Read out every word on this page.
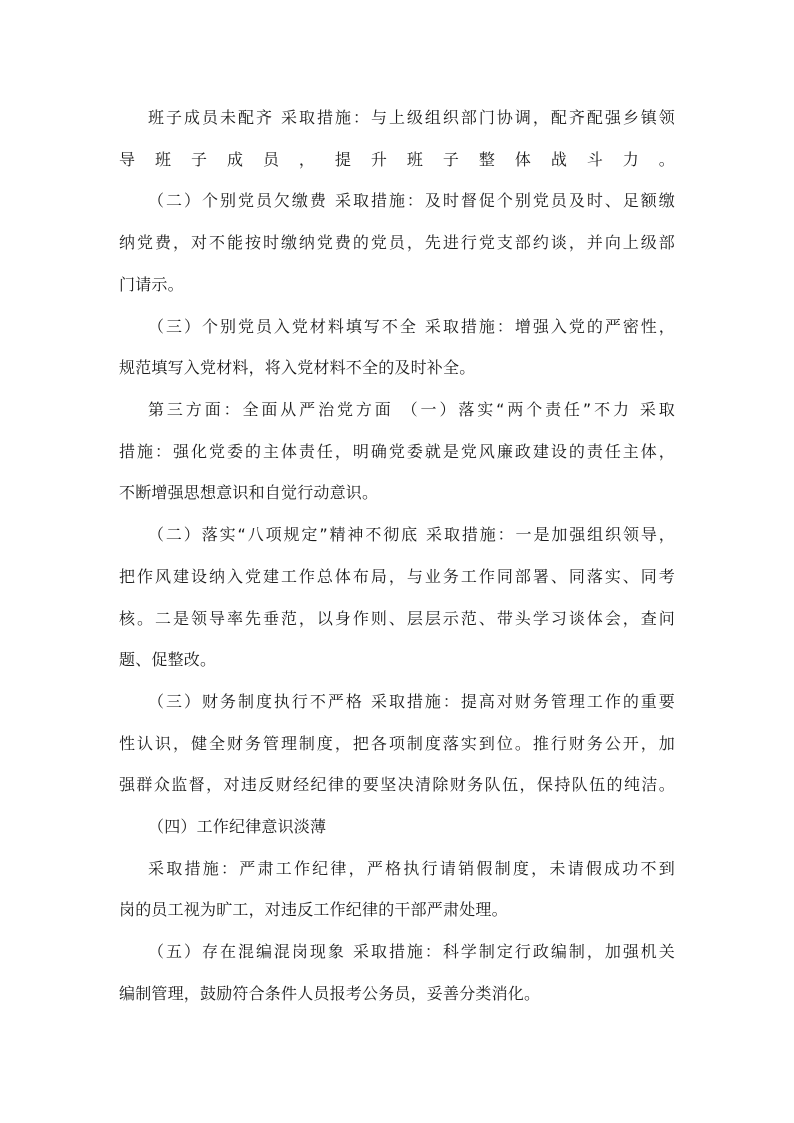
班子成员未配齐 采取措施：与上级组织部门协调，配齐配强乡镇领
导班子成员，提升班子整体战斗力。
（二）个别党员欠缴费 采取措施：及时督促个别党员及时、足额缴
纳党费，对不能按时缴纳党费的党员，先进行党支部约谈，并向上级部
门请示。
（三）个别党员入党材料填写不全 采取措施：增强入党的严密性，
规范填写入党材料，将入党材料不全的及时补全。
第三方面：全面从严治党方面 （一）落实“两个责任”不力 采取
措施：强化党委的主体责任，明确党委就是党风廉政建设的责任主体，
不断增强思想意识和自觉行动意识。
（二）落实“八项规定”精神不彻底 采取措施：一是加强组织领导，
把作风建设纳入党建工作总体布局，与业务工作同部署、同落实、同考
核。二是领导率先垂范，以身作则、层层示范、带头学习谈体会，查问
题、促整改。
（三）财务制度执行不严格 采取措施：提高对财务管理工作的重要
性认识，健全财务管理制度，把各项制度落实到位。推行财务公开，加
强群众监督，对违反财经纪律的要坚决清除财务队伍，保持队伍的纯洁。
（四）工作纪律意识淡薄
采取措施：严肃工作纪律，严格执行请销假制度，未请假成功不到
岗的员工视为旷工，对违反工作纪律的干部严肃处理。
（五）存在混编混岗现象 采取措施：科学制定行政编制，加强机关
编制管理，鼓励符合条件人员报考公务员，妥善分类消化。
